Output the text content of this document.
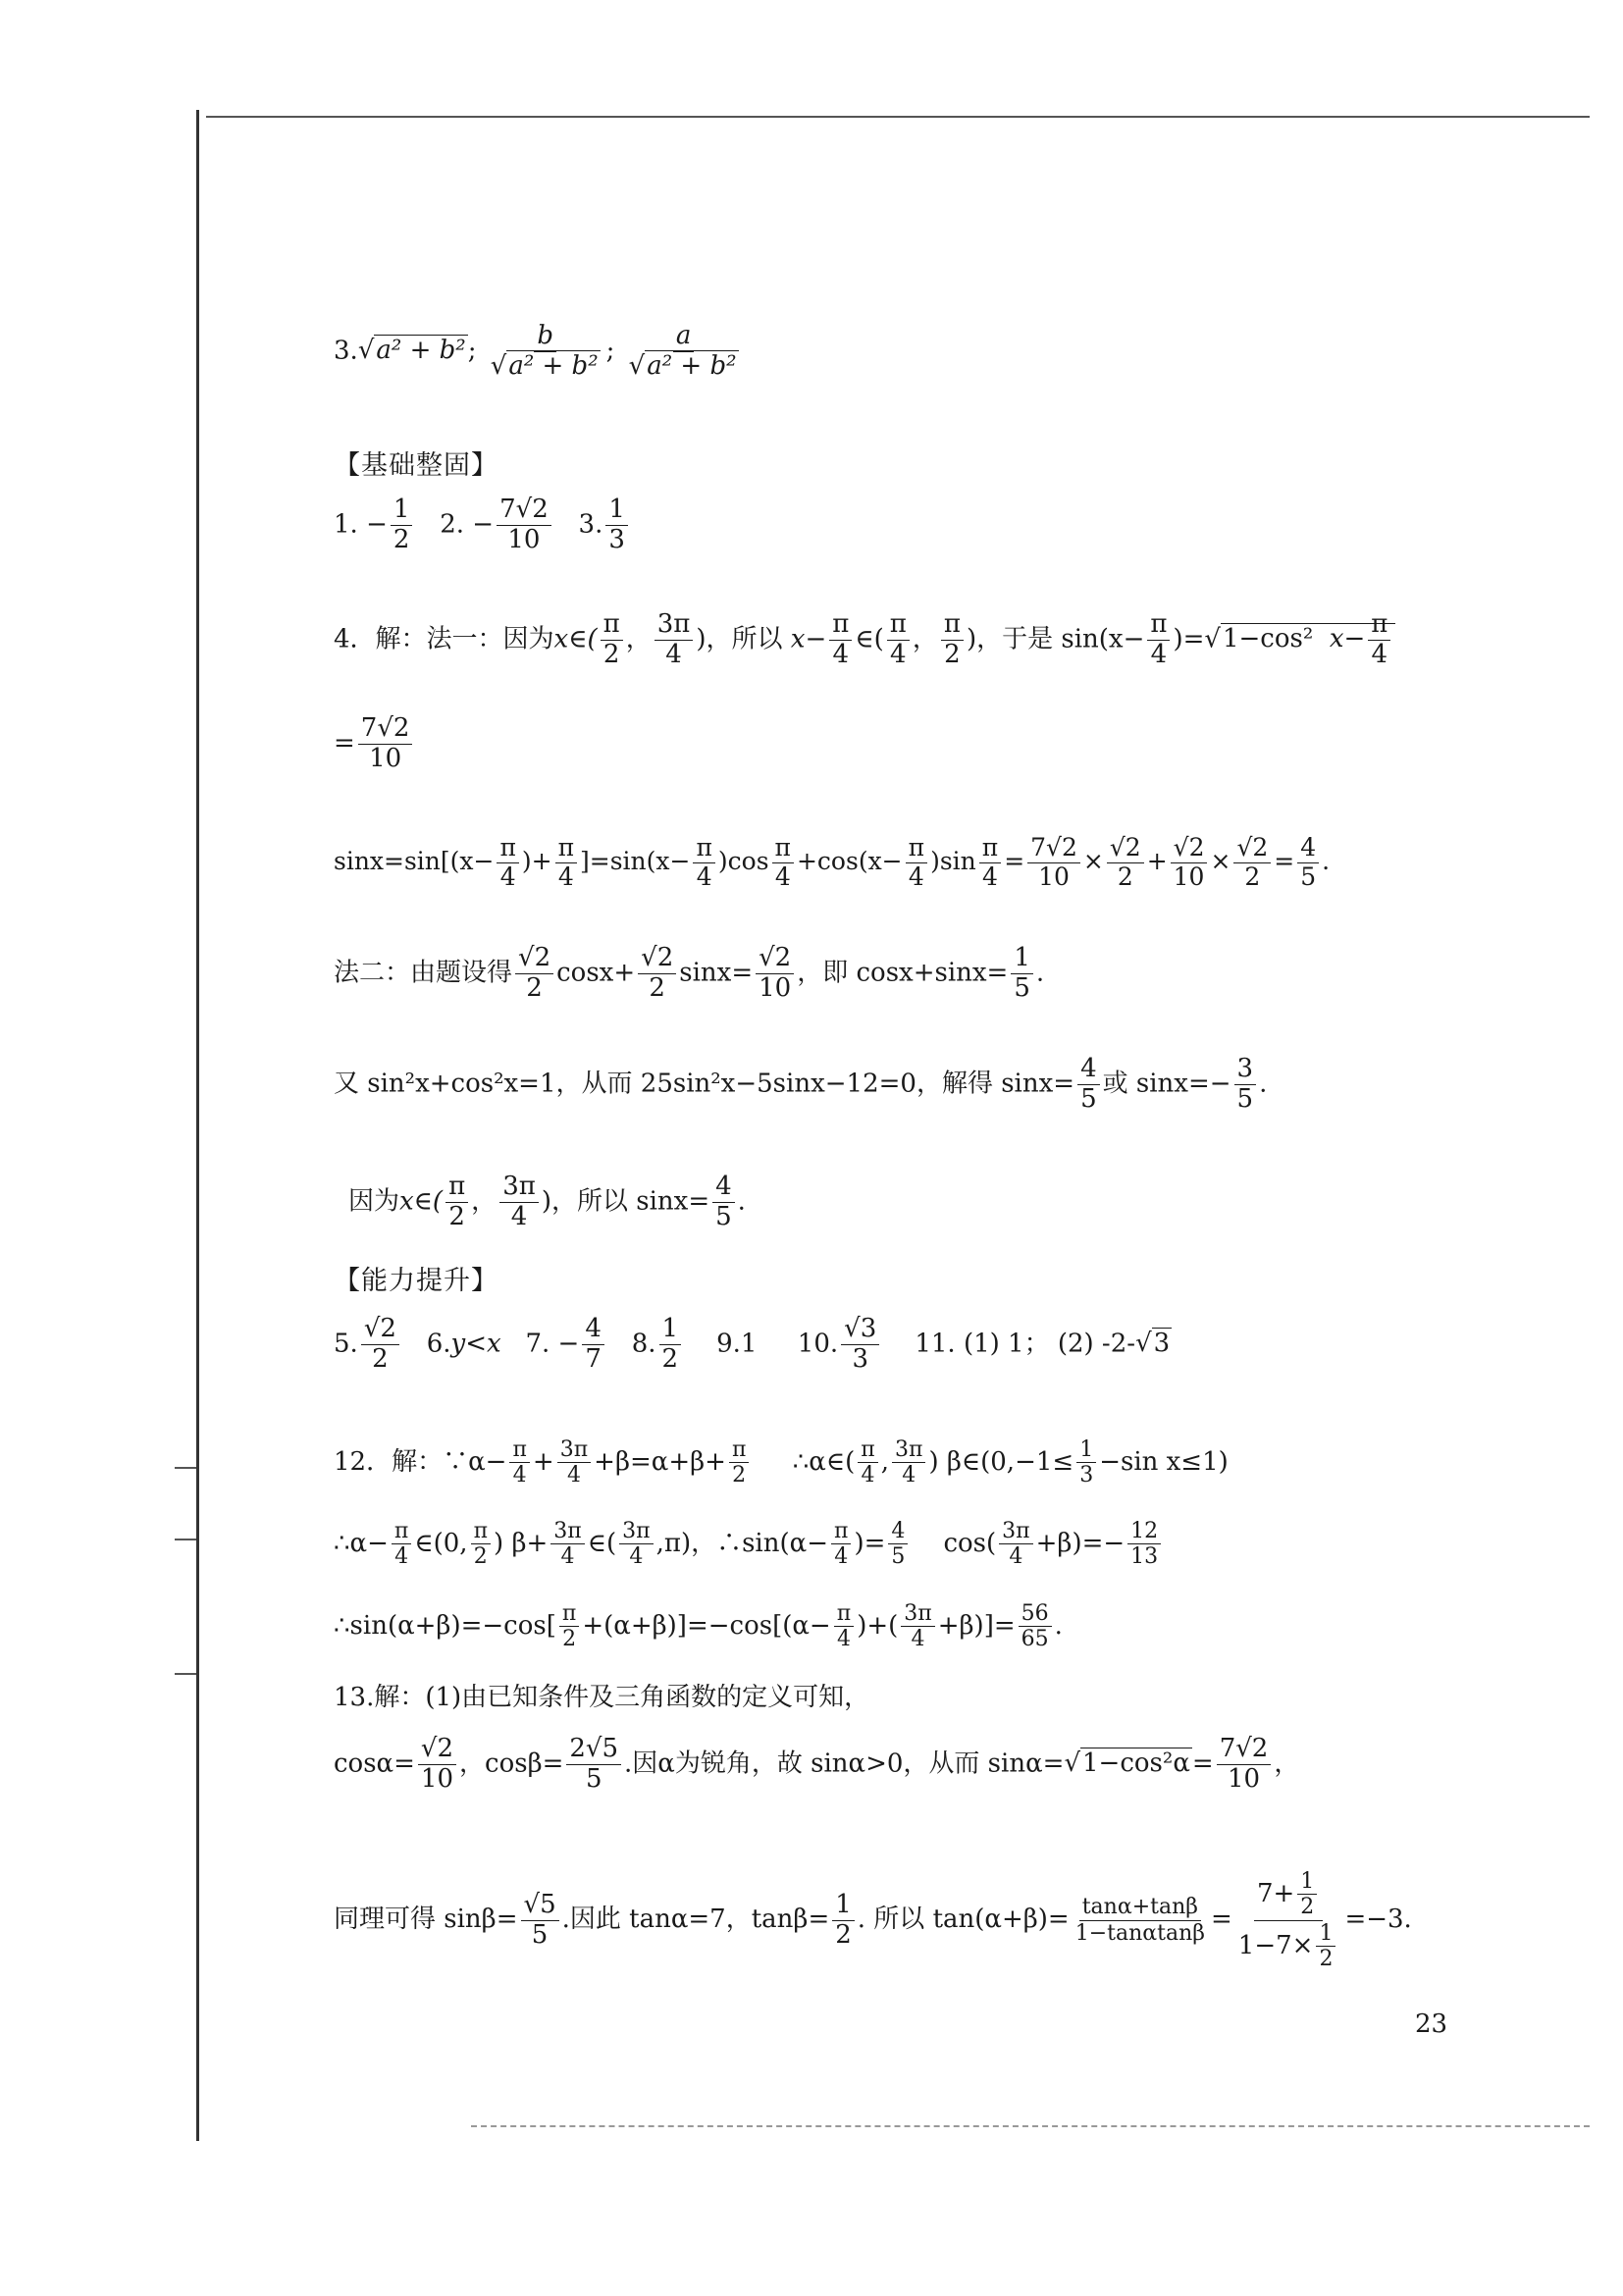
3.√a² + b²; $\frac{b}{\text{√a² + b²}}$ ; $\frac{a}{\text{√a² + b²}}$
【基础整固】
1. − $\frac{1}{2} 2$. − $\frac{7√2}{10} 3$. $\frac{1}{3}$
4．解：法一：因为x∈( $\frac{\pi}{2}$ ， $\frac{3\pi}{4}$ )，所以 $x- \frac{\pi}{4}$ ∈( $\frac{\pi}{4}$ ， $\frac{\pi}{2}$ )，于是 $\sin(x- \frac{\pi}{4} )=√1-\cos^2$ $x- \frac{\pi}{4}$
= $\frac{7√2}{10}$
$\sin x=\sin[(x- \frac{\pi}{4}$ )+ $\frac{\pi}{4} ]=\sin(x- \frac{\pi}{4} )\cos \frac{\pi}{4} +\cos(x- \frac{\pi}{4} )\sin \frac{\pi}{4} = \frac{7√2}{10} \times \frac{√2}{2} + \frac{√2}{10} \times \frac{√2}{2} = \frac{4}{5}$ .
法二：由题设得 $\frac{√2}{2} \cos x+ \frac{√2}{2} \sin x= \frac{√2}{10}$ ，即 $\cos x+\sin x= \frac{1}{5}$ .
又 sin²x+cos²x=1，从而 25sin²x−5sinx−12=0，解得 $\sin x= \frac{4}{5}$ 或 $\sin x=- \frac{3}{5}$ .
因为x∈( $\frac{\pi}{2}$ ， $\frac{3\pi}{4}$ )，所以 $\sin x= \frac{4}{5}$ .
【能力提升】
5. $\frac{√2}{2} 6.y<x$ 7. − $\frac{4}{7} 8$. $\frac{1}{2} 9.1$ 10. $\frac{√3}{3} 11$. (1) 1； (2) -2-√3
12．解：∵α− $\frac{\pi}{4} + \frac{3\pi}{4} +\beta=\alpha+\beta+ \frac{\pi}{2}$ ∴α∈( $\frac{\pi}{4}$ , $\frac{3\pi}{4}$ ) β∈(0,−1≤ $\frac{1}{3} -\sin$ x≤1)
∴α− $\frac{\pi}{4}$ ∈(0, $\frac{\pi}{2}$ ) $\beta+ \frac{3\pi}{4}$ ∈( $\frac{3\pi}{4} ,\pi$)，∴sin(α− $\frac{\pi}{4}$ )= $\frac{4}{5} \cos( \frac{3\pi}{4} +\beta)=- \frac{12}{13}$
∴sin(α+β)=−cos[ $\frac{\pi}{2} +(\alpha+\beta)]=-\cos[(\alpha- \frac{\pi}{4}$ )+( $\frac{3\pi}{4} +\beta)]= \frac{56}{65}$ .
13.解：(1)由已知条件及三角函数的定义可知，
$\cos\alpha= \frac{√2}{10}$ ，$\cos\beta= \frac{2√5}{5}$ .因α为锐角，故 sinα>0，从而 $\sin\alpha=√1-\cos^2\alpha= \frac{7√2}{10}$ ，
同理可得 $\sin\beta= \frac{√5}{5}$ .因此 tanα=7，$\tan\beta= \frac{1}{2}$ . 所以 $\tan(\alpha+\beta)= \frac{\tan\alpha+\tan\beta}{1-\tan\alpha\tan\beta} = \frac{7+ \frac{1}{2}}{1-7\times \frac{1}{2}} =-3$.
23
